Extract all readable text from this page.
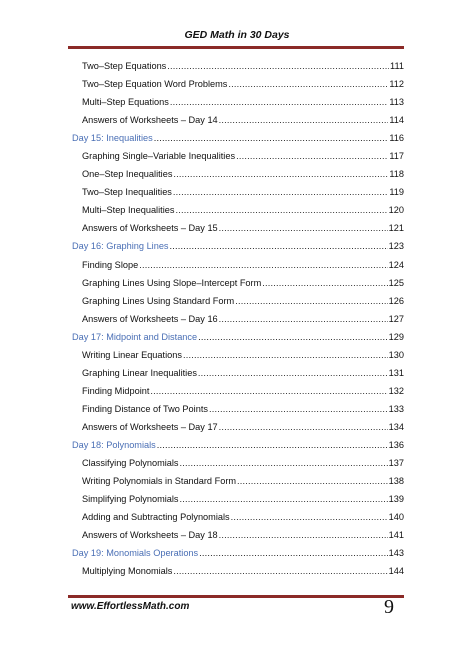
GED Math in 30 Days
Two–Step Equations .....	111
Two–Step Equation Word Problems .....	112
Multi–Step Equations .....	113
Answers of Worksheets – Day 14 .....	114
Day 15: Inequalities .....	116
Graphing Single–Variable Inequalities .....	117
One–Step Inequalities .....	118
Two–Step Inequalities .....	119
Multi–Step Inequalities .....	120
Answers of Worksheets – Day 15 .....	121
Day 16: Graphing Lines .....	123
Finding Slope .....	124
Graphing Lines Using Slope–Intercept Form .....	125
Graphing Lines Using Standard Form .....	126
Answers of Worksheets – Day 16 .....	127
Day 17: Midpoint and Distance .....	129
Writing Linear Equations .....	130
Graphing Linear Inequalities .....	131
Finding Midpoint .....	132
Finding Distance of Two Points .....	133
Answers of Worksheets – Day 17 .....	134
Day 18: Polynomials .....	136
Classifying Polynomials .....	137
Writing Polynomials in Standard Form .....	138
Simplifying Polynomials .....	139
Adding and Subtracting Polynomials .....	140
Answers of Worksheets – Day 18 .....	141
Day 19: Monomials Operations .....	143
Multiplying Monomials .....	144
www.EffortlessMath.com	9
